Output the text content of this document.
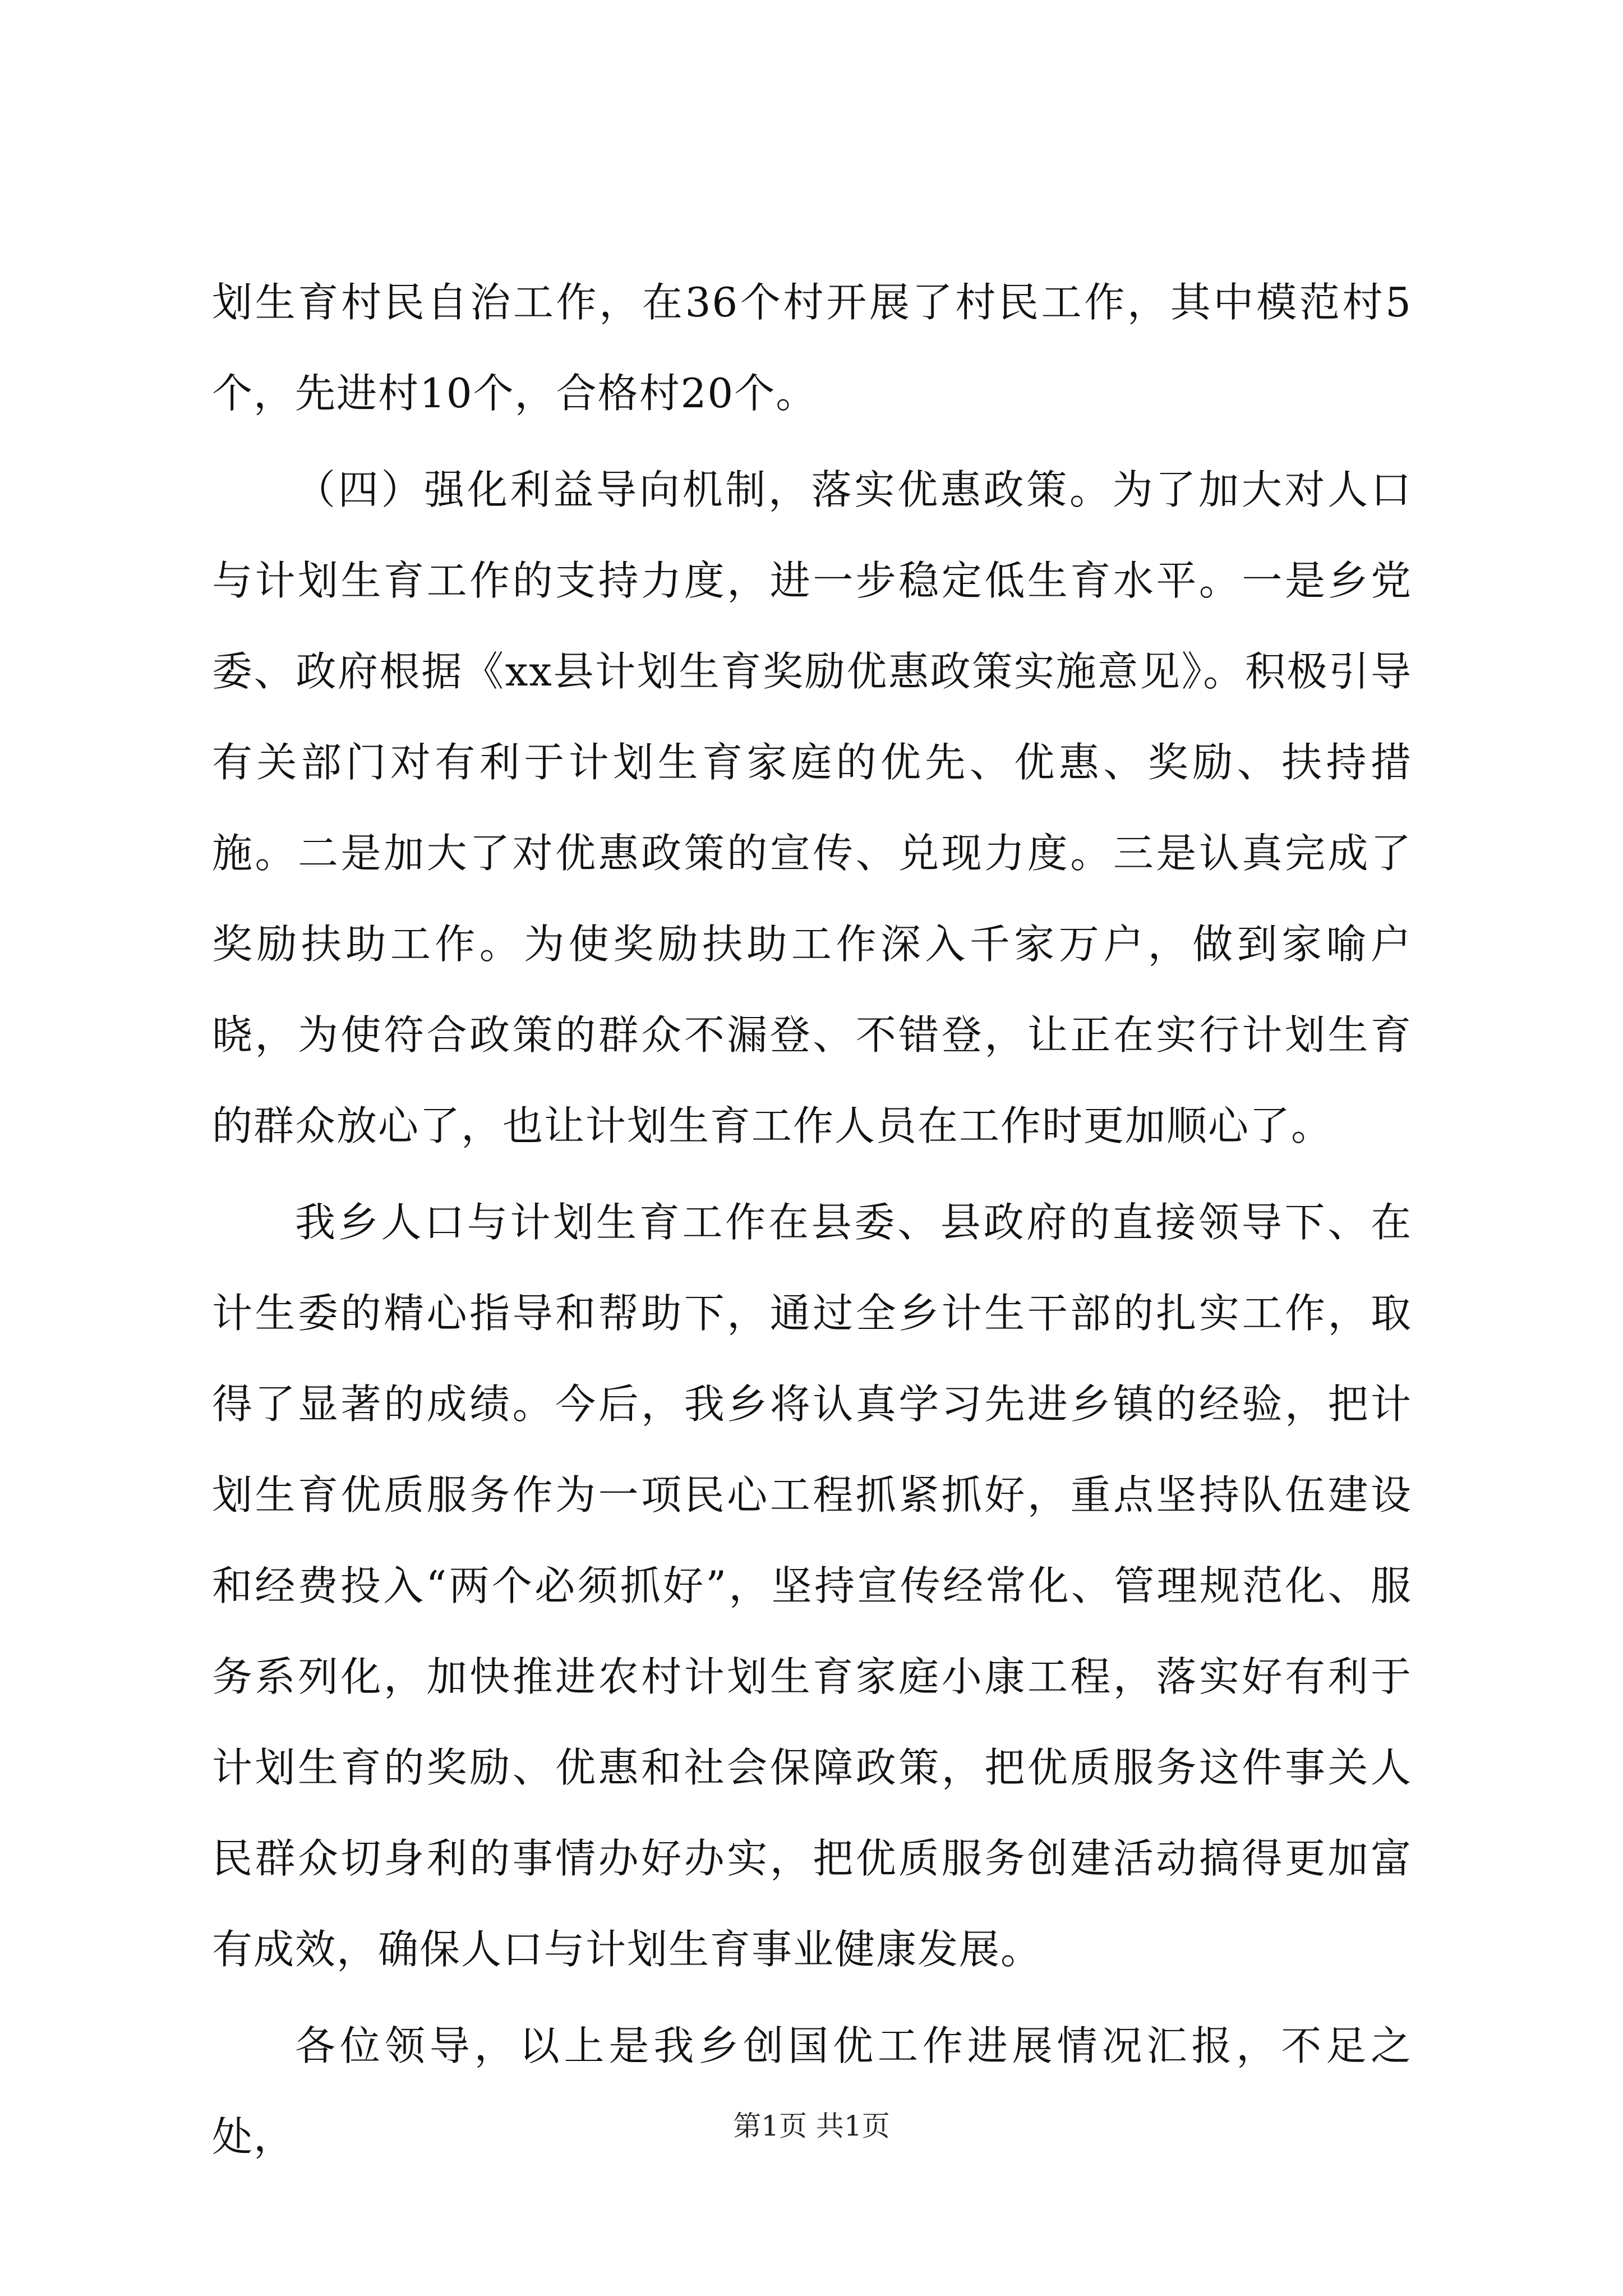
划生育村民自治工作，在36个村开展了村民工作，其中模范村5个，先进村10个，合格村20个。

（四）强化利益导向机制，落实优惠政策。为了加大对人口与计划生育工作的支持力度，进一步稳定低生育水平。一是乡党委、政府根据《xx县计划生育奖励优惠政策实施意见》。积极引导有关部门对有利于计划生育家庭的优先、优惠、奖励、扶持措施。二是加大了对优惠政策的宣传、兑现力度。三是认真完成了奖励扶助工作。为使奖励扶助工作深入千家万户，做到家喻户晓，为使符合政策的群众不漏登、不错登，让正在实行计划生育的群众放心了，也让计划生育工作人员在工作时更加顺心了。

我乡人口与计划生育工作在县委、县政府的直接领导下、在计生委的精心指导和帮助下，通过全乡计生干部的扎实工作，取得了显著的成绩。今后，我乡将认真学习先进乡镇的经验，把计划生育优质服务作为一项民心工程抓紧抓好，重点坚持队伍建设和经费投入“两个必须抓好”，坚持宣传经常化、管理规范化、服务系列化，加快推进农村计划生育家庭小康工程，落实好有利于计划生育的奖励、优惠和社会保障政策，把优质服务这件事关人民群众切身利的事情办好办实，把优质服务创建活动搞得更加富有成效，确保人口与计划生育事业健康发展。

各位领导，以上是我乡创国优工作进展情况汇报，不足之处，	第1页 共1页
